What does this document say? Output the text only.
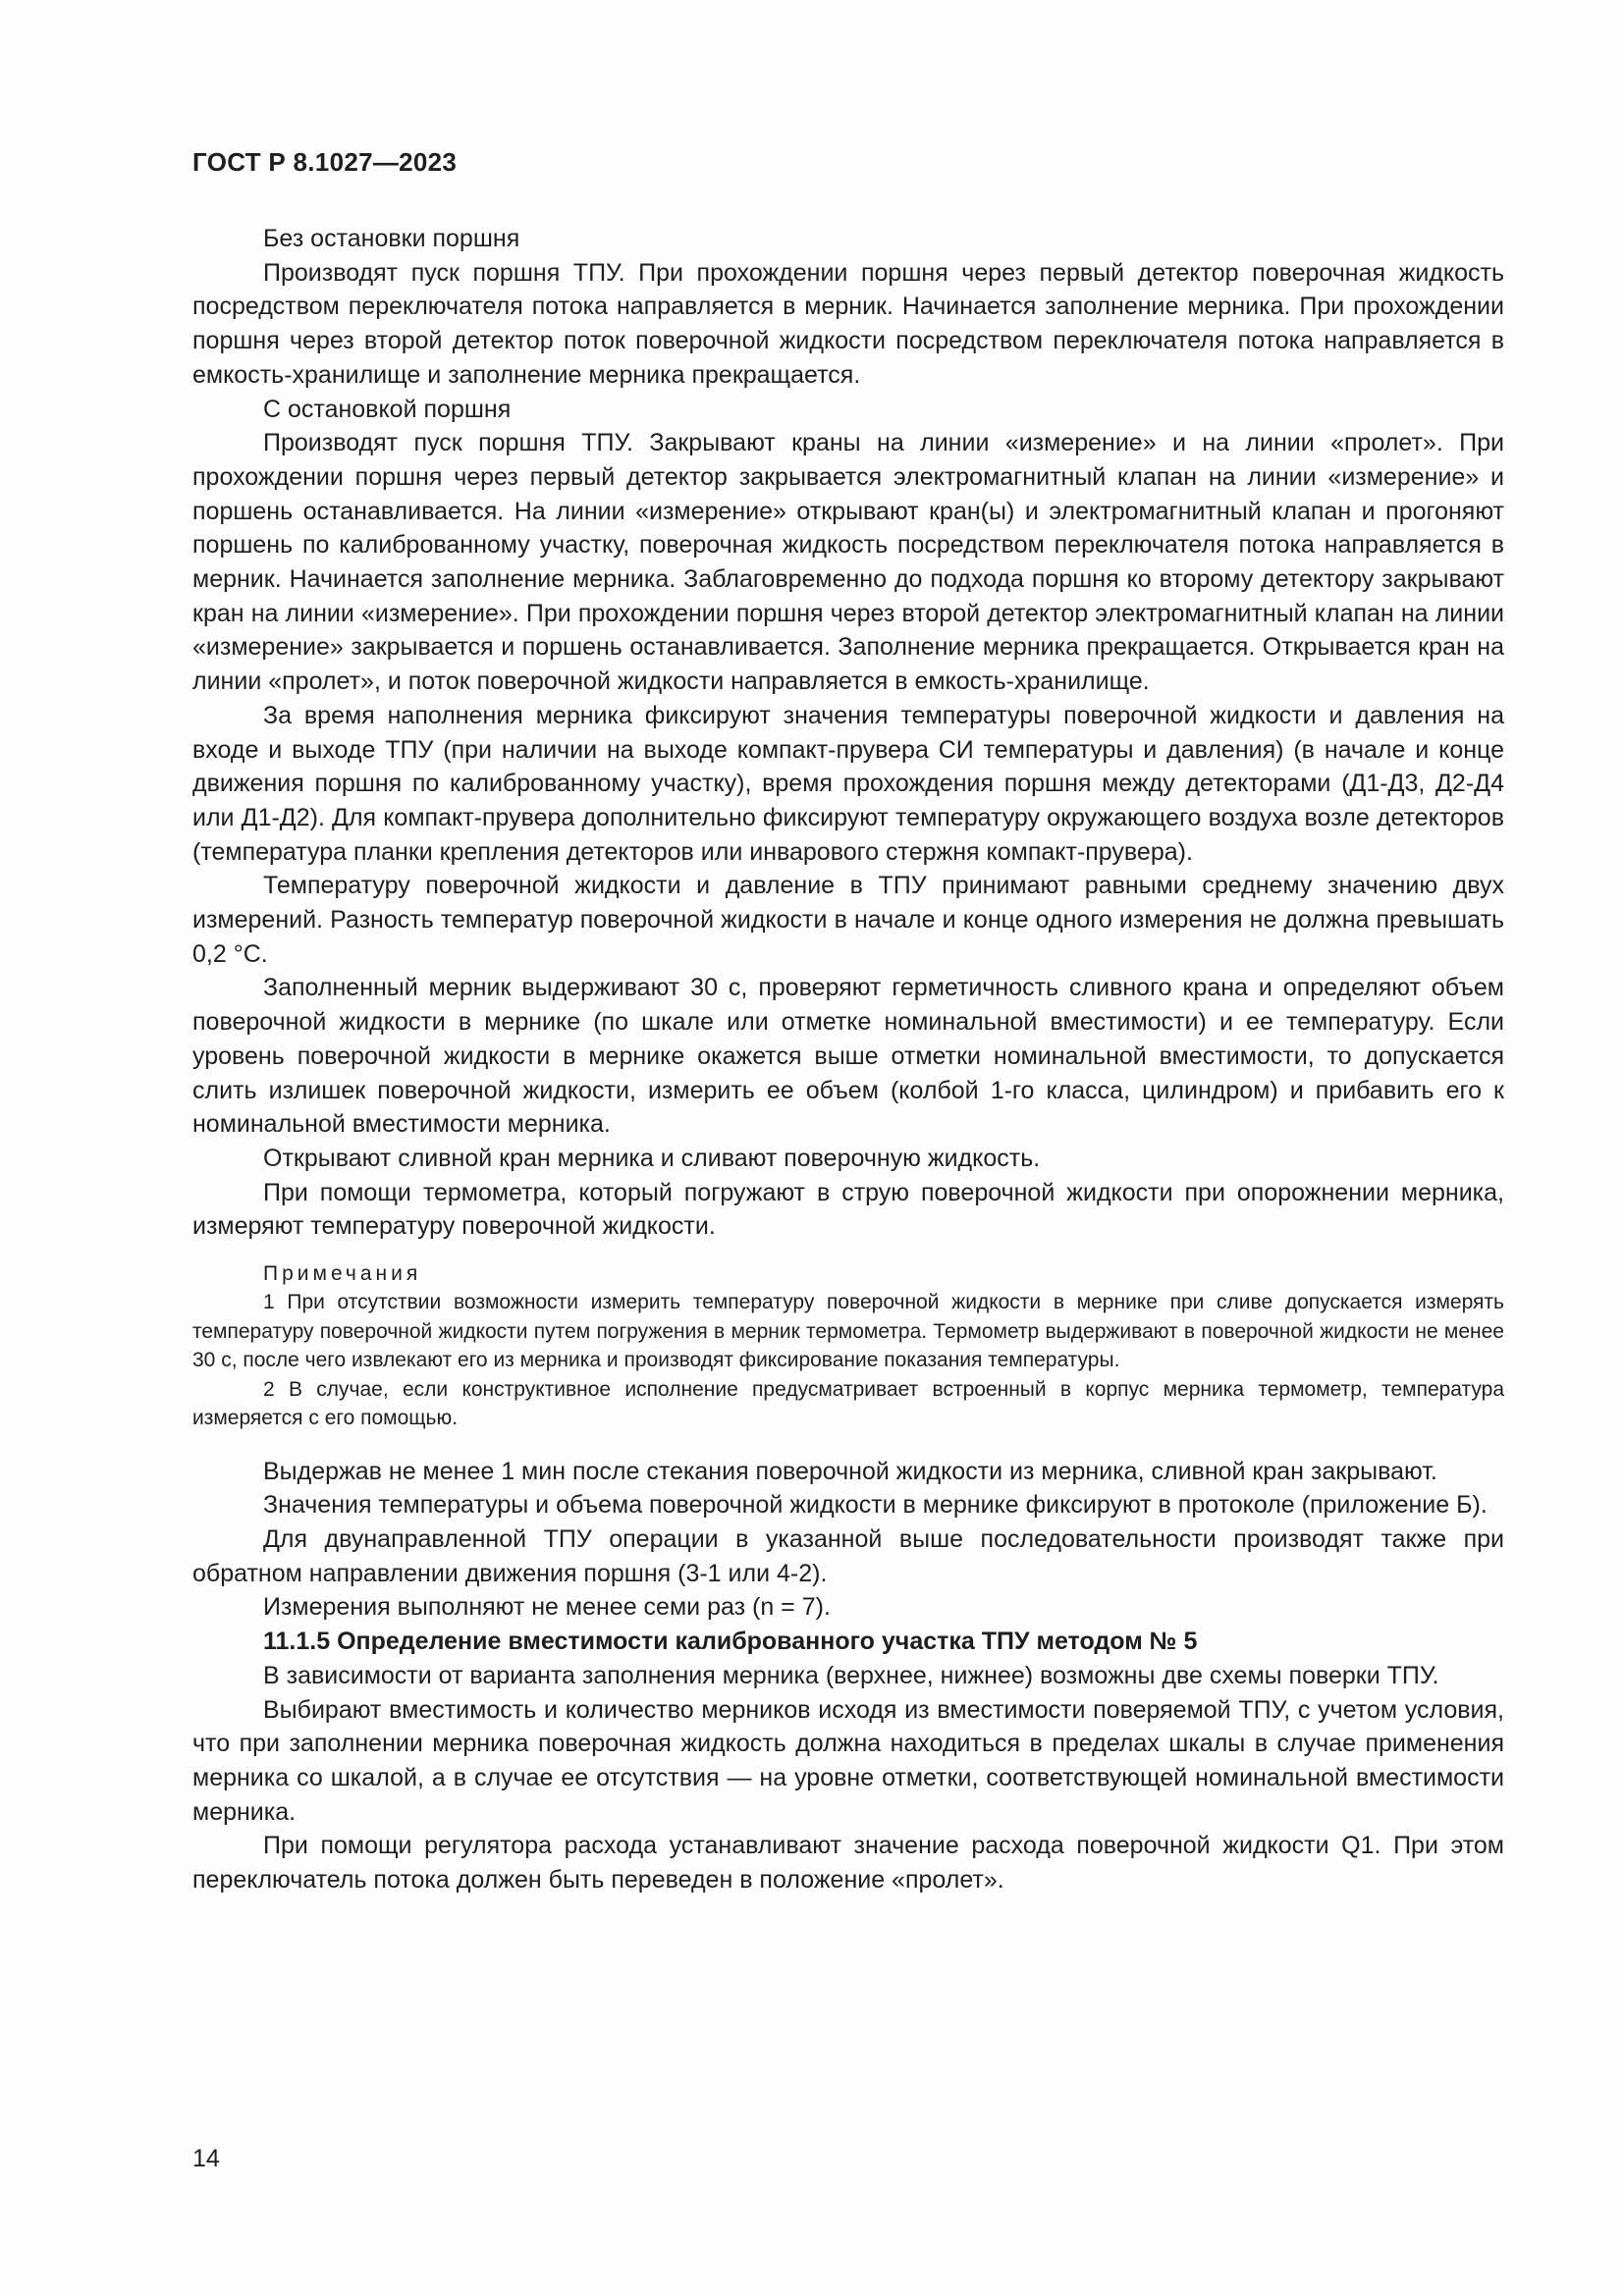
ГОСТ Р 8.1027—2023

Без остановки поршня

Производят пуск поршня ТПУ. При прохождении поршня через первый детектор поверочная жидкость посредством переключателя потока направляется в мерник. Начинается заполнение мерника. При прохождении поршня через второй детектор поток поверочной жидкости посредством переключателя потока направляется в емкость-хранилище и заполнение мерника прекращается.

С остановкой поршня

Производят пуск поршня ТПУ. Закрывают краны на линии «измерение» и на линии «пролет». При прохождении поршня через первый детектор закрывается электромагнитный клапан на линии «измерение» и поршень останавливается. На линии «измерение» открывают кран(ы) и электромагнитный клапан и прогоняют поршень по калиброванному участку, поверочная жидкость посредством переключателя потока направляется в мерник. Начинается заполнение мерника. Заблаговременно до подхода поршня ко второму детектору закрывают кран на линии «измерение». При прохождении поршня через второй детектор электромагнитный клапан на линии «измерение» закрывается и поршень останавливается. Заполнение мерника прекращается. Открывается кран на линии «пролет», и поток поверочной жидкости направляется в емкость-хранилище.

За время наполнения мерника фиксируют значения температуры поверочной жидкости и давления на входе и выходе ТПУ (при наличии на выходе компакт-прувера СИ температуры и давления) (в начале и конце движения поршня по калиброванному участку), время прохождения поршня между детекторами (Д1-Д3, Д2-Д4 или Д1-Д2). Для компакт-прувера дополнительно фиксируют температуру окружающего воздуха возле детекторов (температура планки крепления детекторов или инварового стержня компакт-прувера).

Температуру поверочной жидкости и давление в ТПУ принимают равными среднему значению двух измерений. Разность температур поверочной жидкости в начале и конце одного измерения не должна превышать 0,2 °С.

Заполненный мерник выдерживают 30 с, проверяют герметичность сливного крана и определяют объем поверочной жидкости в мернике (по шкале или отметке номинальной вместимости) и ее температуру. Если уровень поверочной жидкости в мернике окажется выше отметки номинальной вместимости, то допускается слить излишек поверочной жидкости, измерить ее объем (колбой 1-го класса, цилиндром) и прибавить его к номинальной вместимости мерника.

Открывают сливной кран мерника и сливают поверочную жидкость.

При помощи термометра, который погружают в струю поверочной жидкости при опорожнении мерника, измеряют температуру поверочной жидкости.

Примечания

1 При отсутствии возможности измерить температуру поверочной жидкости в мернике при сливе допускается измерять температуру поверочной жидкости путем погружения в мерник термометра. Термометр выдерживают в поверочной жидкости не менее 30 с, после чего извлекают его из мерника и производят фиксирование показания температуры.

2 В случае, если конструктивное исполнение предусматривает встроенный в корпус мерника термометр, температура измеряется с его помощью.

Выдержав не менее 1 мин после стекания поверочной жидкости из мерника, сливной кран закрывают.

Значения температуры и объема поверочной жидкости в мернике фиксируют в протоколе (приложение Б).

Для двунаправленной ТПУ операции в указанной выше последовательности производят также при обратном направлении движения поршня (3-1 или 4-2).

Измерения выполняют не менее семи раз (n = 7).

11.1.5 Определение вместимости калиброванного участка ТПУ методом № 5

В зависимости от варианта заполнения мерника (верхнее, нижнее) возможны две схемы поверки ТПУ.

Выбирают вместимость и количество мерников исходя из вместимости поверяемой ТПУ, с учетом условия, что при заполнении мерника поверочная жидкость должна находиться в пределах шкалы в случае применения мерника со шкалой, а в случае ее отсутствия — на уровне отметки, соответствующей номинальной вместимости мерника.

При помощи регулятора расхода устанавливают значение расхода поверочной жидкости Q1. При этом переключатель потока должен быть переведен в положение «пролет».

14
